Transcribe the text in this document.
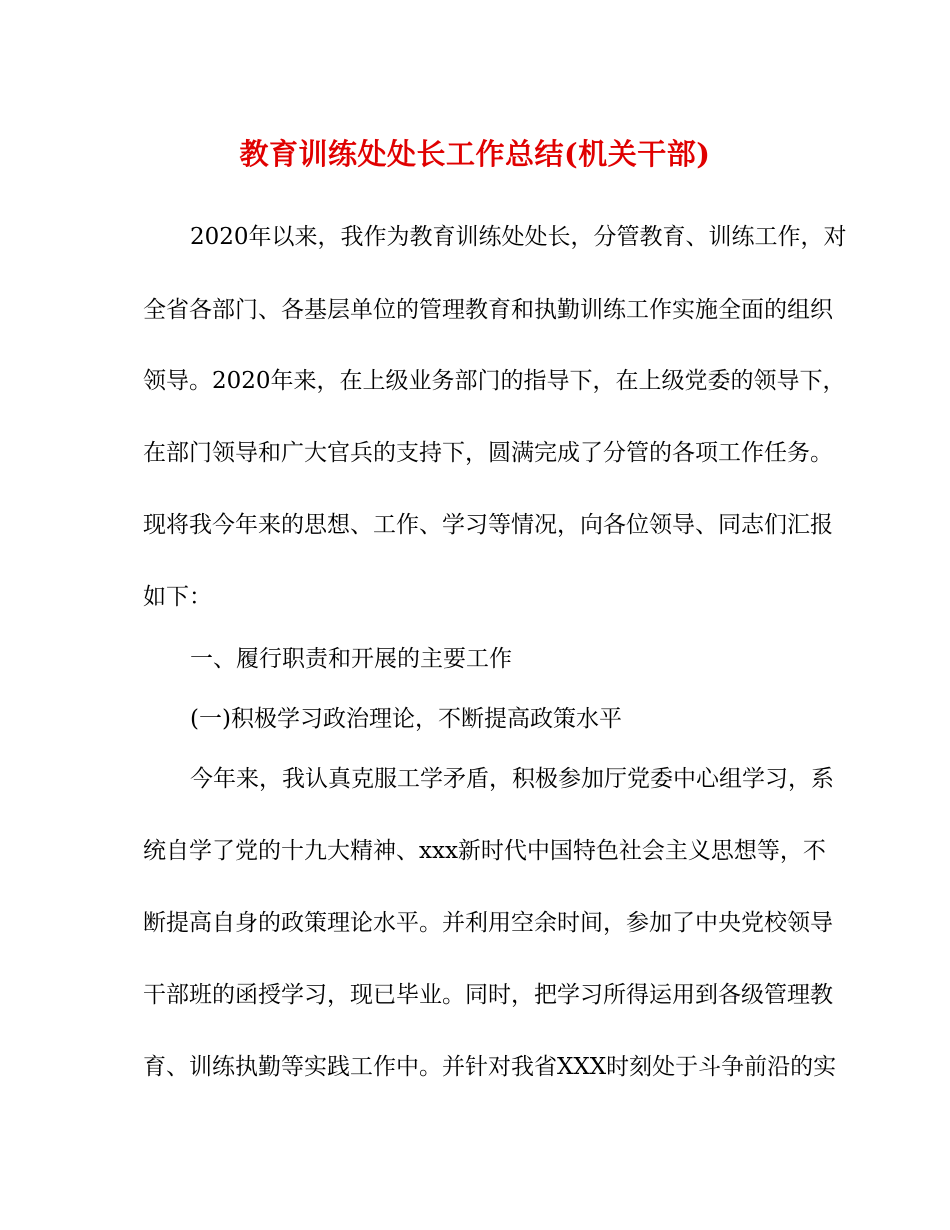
教育训练处处长工作总结(机关干部)
2020年以来，我作为教育训练处处长，分管教育、训练工作，对
全省各部门、各基层单位的管理教育和执勤训练工作实施全面的组织
领导。2020年来，在上级业务部门的指导下，在上级党委的领导下，
在部门领导和广大官兵的支持下，圆满完成了分管的各项工作任务。
现将我今年来的思想、工作、学习等情况，向各位领导、同志们汇报
如下：
一、履行职责和开展的主要工作
(一)积极学习政治理论，不断提高政策水平
今年来，我认真克服工学矛盾，积极参加厅党委中心组学习，系
统自学了党的十九大精神、xxx新时代中国特色社会主义思想等，不
断提高自身的政策理论水平。并利用空余时间，参加了中央党校领导
干部班的函授学习，现已毕业。同时，把学习所得运用到各级管理教
育、训练执勤等实践工作中。并针对我省XXX时刻处于斗争前沿的实
